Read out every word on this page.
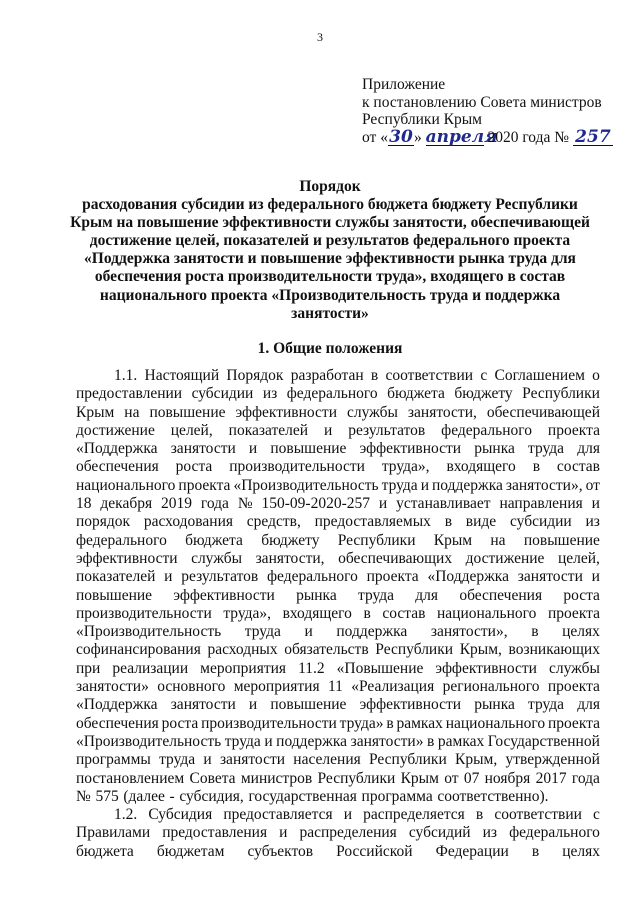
3
Приложение
к постановлению Совета министров
Республики Крым
от «30» апреля 2020 года № 257
Порядок
расходования субсидии из федерального бюджета бюджету Республики
Крым на повышение эффективности службы занятости, обеспечивающей
достижение целей, показателей и результатов федерального проекта
«Поддержка занятости и повышение эффективности рынка труда для
обеспечения роста производительности труда», входящего в состав
национального проекта «Производительность труда и поддержка
занятости»
1. Общие положения
1.1. Настоящий Порядок разработан в соответствии с Соглашением о
предоставлении субсидии из федерального бюджета бюджету Республики
Крым на повышение эффективности службы занятости, обеспечивающей
достижение целей, показателей и результатов федерального проекта
«Поддержка занятости и повышение эффективности рынка труда для
обеспечения роста производительности труда», входящего в состав
национального проекта «Производительность труда и поддержка занятости», от
18 декабря 2019 года № 150-09-2020-257 и устанавливает направления и
порядок расходования средств, предоставляемых в виде субсидии из
федерального бюджета бюджету Республики Крым на повышение
эффективности службы занятости, обеспечивающих достижение целей,
показателей и результатов федерального проекта «Поддержка занятости и
повышение эффективности рынка труда для обеспечения роста
производительности труда», входящего в состав национального проекта
«Производительность труда и поддержка занятости», в целях
софинансирования расходных обязательств Республики Крым, возникающих
при реализации мероприятия 11.2 «Повышение эффективности службы
занятости» основного мероприятия 11 «Реализация регионального проекта
«Поддержка занятости и повышение эффективности рынка труда для
обеспечения роста производительности труда» в рамках национального проекта
«Производительность труда и поддержка занятости» в рамках Государственной
программы труда и занятости населения Республики Крым, утвержденной
постановлением Совета министров Республики Крым от 07 ноября 2017 года
№ 575 (далее - субсидия, государственная программа соответственно).
1.2. Субсидия предоставляется и распределяется в соответствии с
Правилами предоставления и распределения субсидий из федерального
бюджета бюджетам субъектов Российской Федерации в целях
